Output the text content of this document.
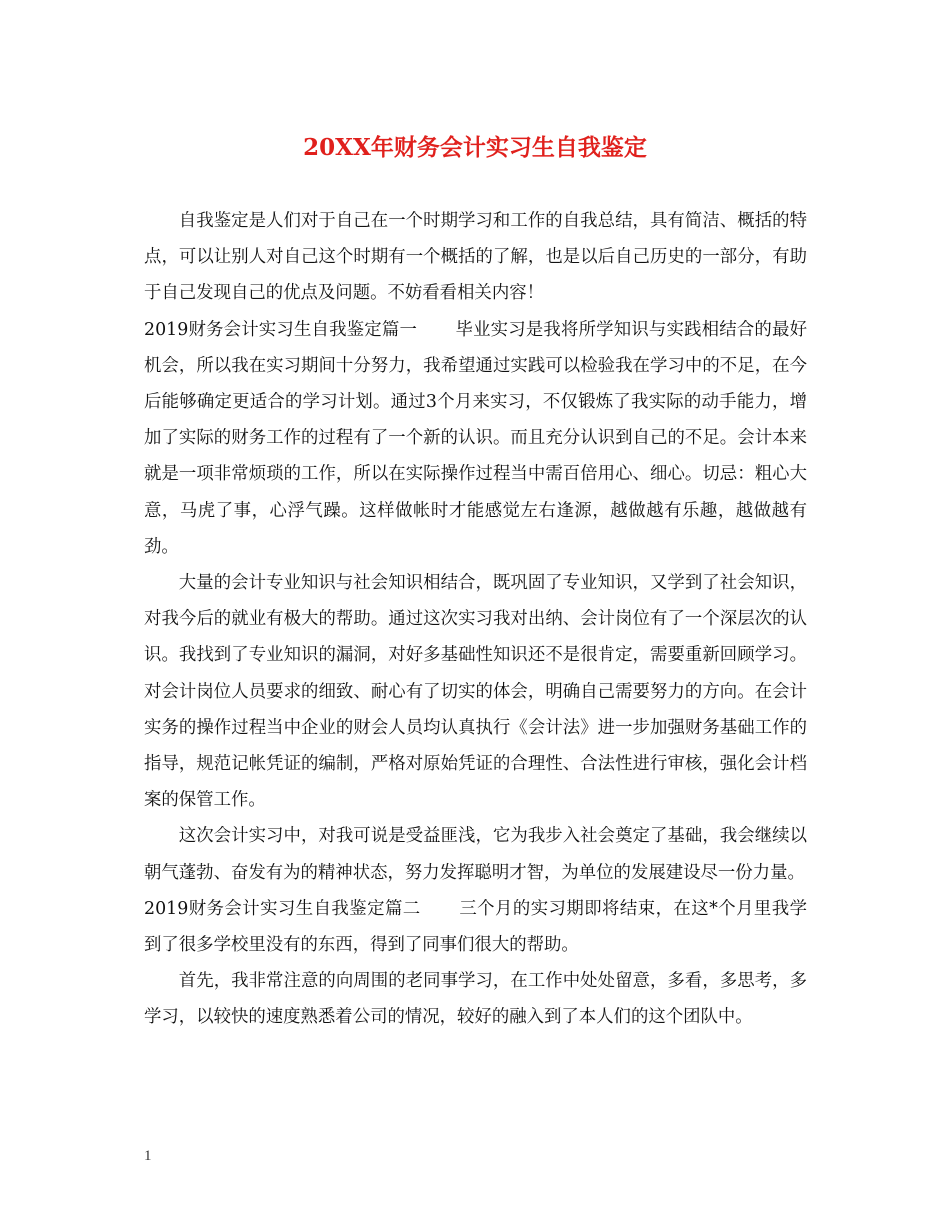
20XX年财务会计实习生自我鉴定

自我鉴定是人们对于自己在一个时期学习和工作的自我总结，具有简洁、概括的特点，可以让别人对自己这个时期有一个概括的了解，也是以后自己历史的一部分，有助于自己发现自己的优点及问题。不妨看看相关内容！

2019财务会计实习生自我鉴定篇一 毕业实习是我将所学知识与实践相结合的最好机会，所以我在实习期间十分努力，我希望通过实践可以检验我在学习中的不足，在今后能够确定更适合的学习计划。通过3个月来实习，不仅锻炼了我实际的动手能力，增加了实际的财务工作的过程有了一个新的认识。而且充分认识到自己的不足。会计本来就是一项非常烦琐的工作，所以在实际操作过程当中需百倍用心、细心。切忌：粗心大意，马虎了事，心浮气躁。这样做帐时才能感觉左右逢源，越做越有乐趣，越做越有劲。

大量的会计专业知识与社会知识相结合，既巩固了专业知识，又学到了社会知识，对我今后的就业有极大的帮助。通过这次实习我对出纳、会计岗位有了一个深层次的认识。我找到了专业知识的漏洞，对好多基础性知识还不是很肯定，需要重新回顾学习。对会计岗位人员要求的细致、耐心有了切实的体会，明确自己需要努力的方向。在会计实务的操作过程当中企业的财会人员均认真执行《会计法》进一步加强财务基础工作的指导，规范记帐凭证的编制，严格对原始凭证的合理性、合法性进行审核，强化会计档案的保管工作。

这次会计实习中，对我可说是受益匪浅，它为我步入社会奠定了基础，我会继续以朝气蓬勃、奋发有为的精神状态，努力发挥聪明才智，为单位的发展建设尽一份力量。

2019财务会计实习生自我鉴定篇二 三个月的实习期即将结束，在这*个月里我学到了很多学校里没有的东西，得到了同事们很大的帮助。

首先，我非常注意的向周围的老同事学习，在工作中处处留意，多看，多思考，多学习，以较快的速度熟悉着公司的情况，较好的融入到了本人们的这个团队中。

1
